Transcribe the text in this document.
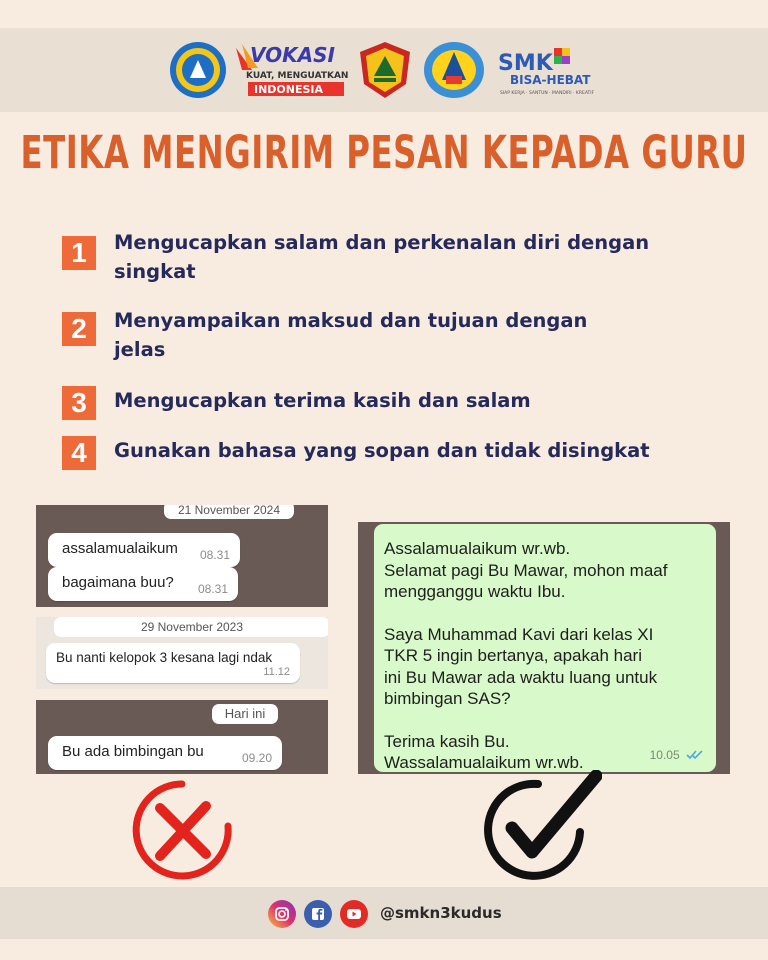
VOKASI
KUAT, MENGUATKAN
INDONESIA
SMK
BISA-HEBAT
SIAP KERJA · SANTUN · MANDIRI · KREATIF
ETIKA MENGIRIM PESAN KEPADA GURU
1	Mengucapkan salam dan perkenalan diri dengan singkat
2	Menyampaikan maksud dan tujuan dengan jelas
3	Mengucapkan terima kasih dan salam
4	Gunakan bahasa yang sopan dan tidak disingkat
21 November 2024
assalamualaikum 08.31
bagaimana buu? 08.31
29 November 2023
Bu nanti kelopok 3 kesana lagi ndak
11.12
Hari ini
Bu ada bimbingan bu	09.20

Assalamualaikum wr.wb.

Selamat pagi Bu Mawar, mohon maaf

mengganggu waktu Ibu.

Saya Muhammad Kavi dari kelas XI

TKR 5 ingin bertanya, apakah hari

ini Bu Mawar ada waktu luang untuk

bimbingan SAS?

Terima kasih Bu.

Wassalamualaikum wr.wb.	10.05
@smkn3kudus
